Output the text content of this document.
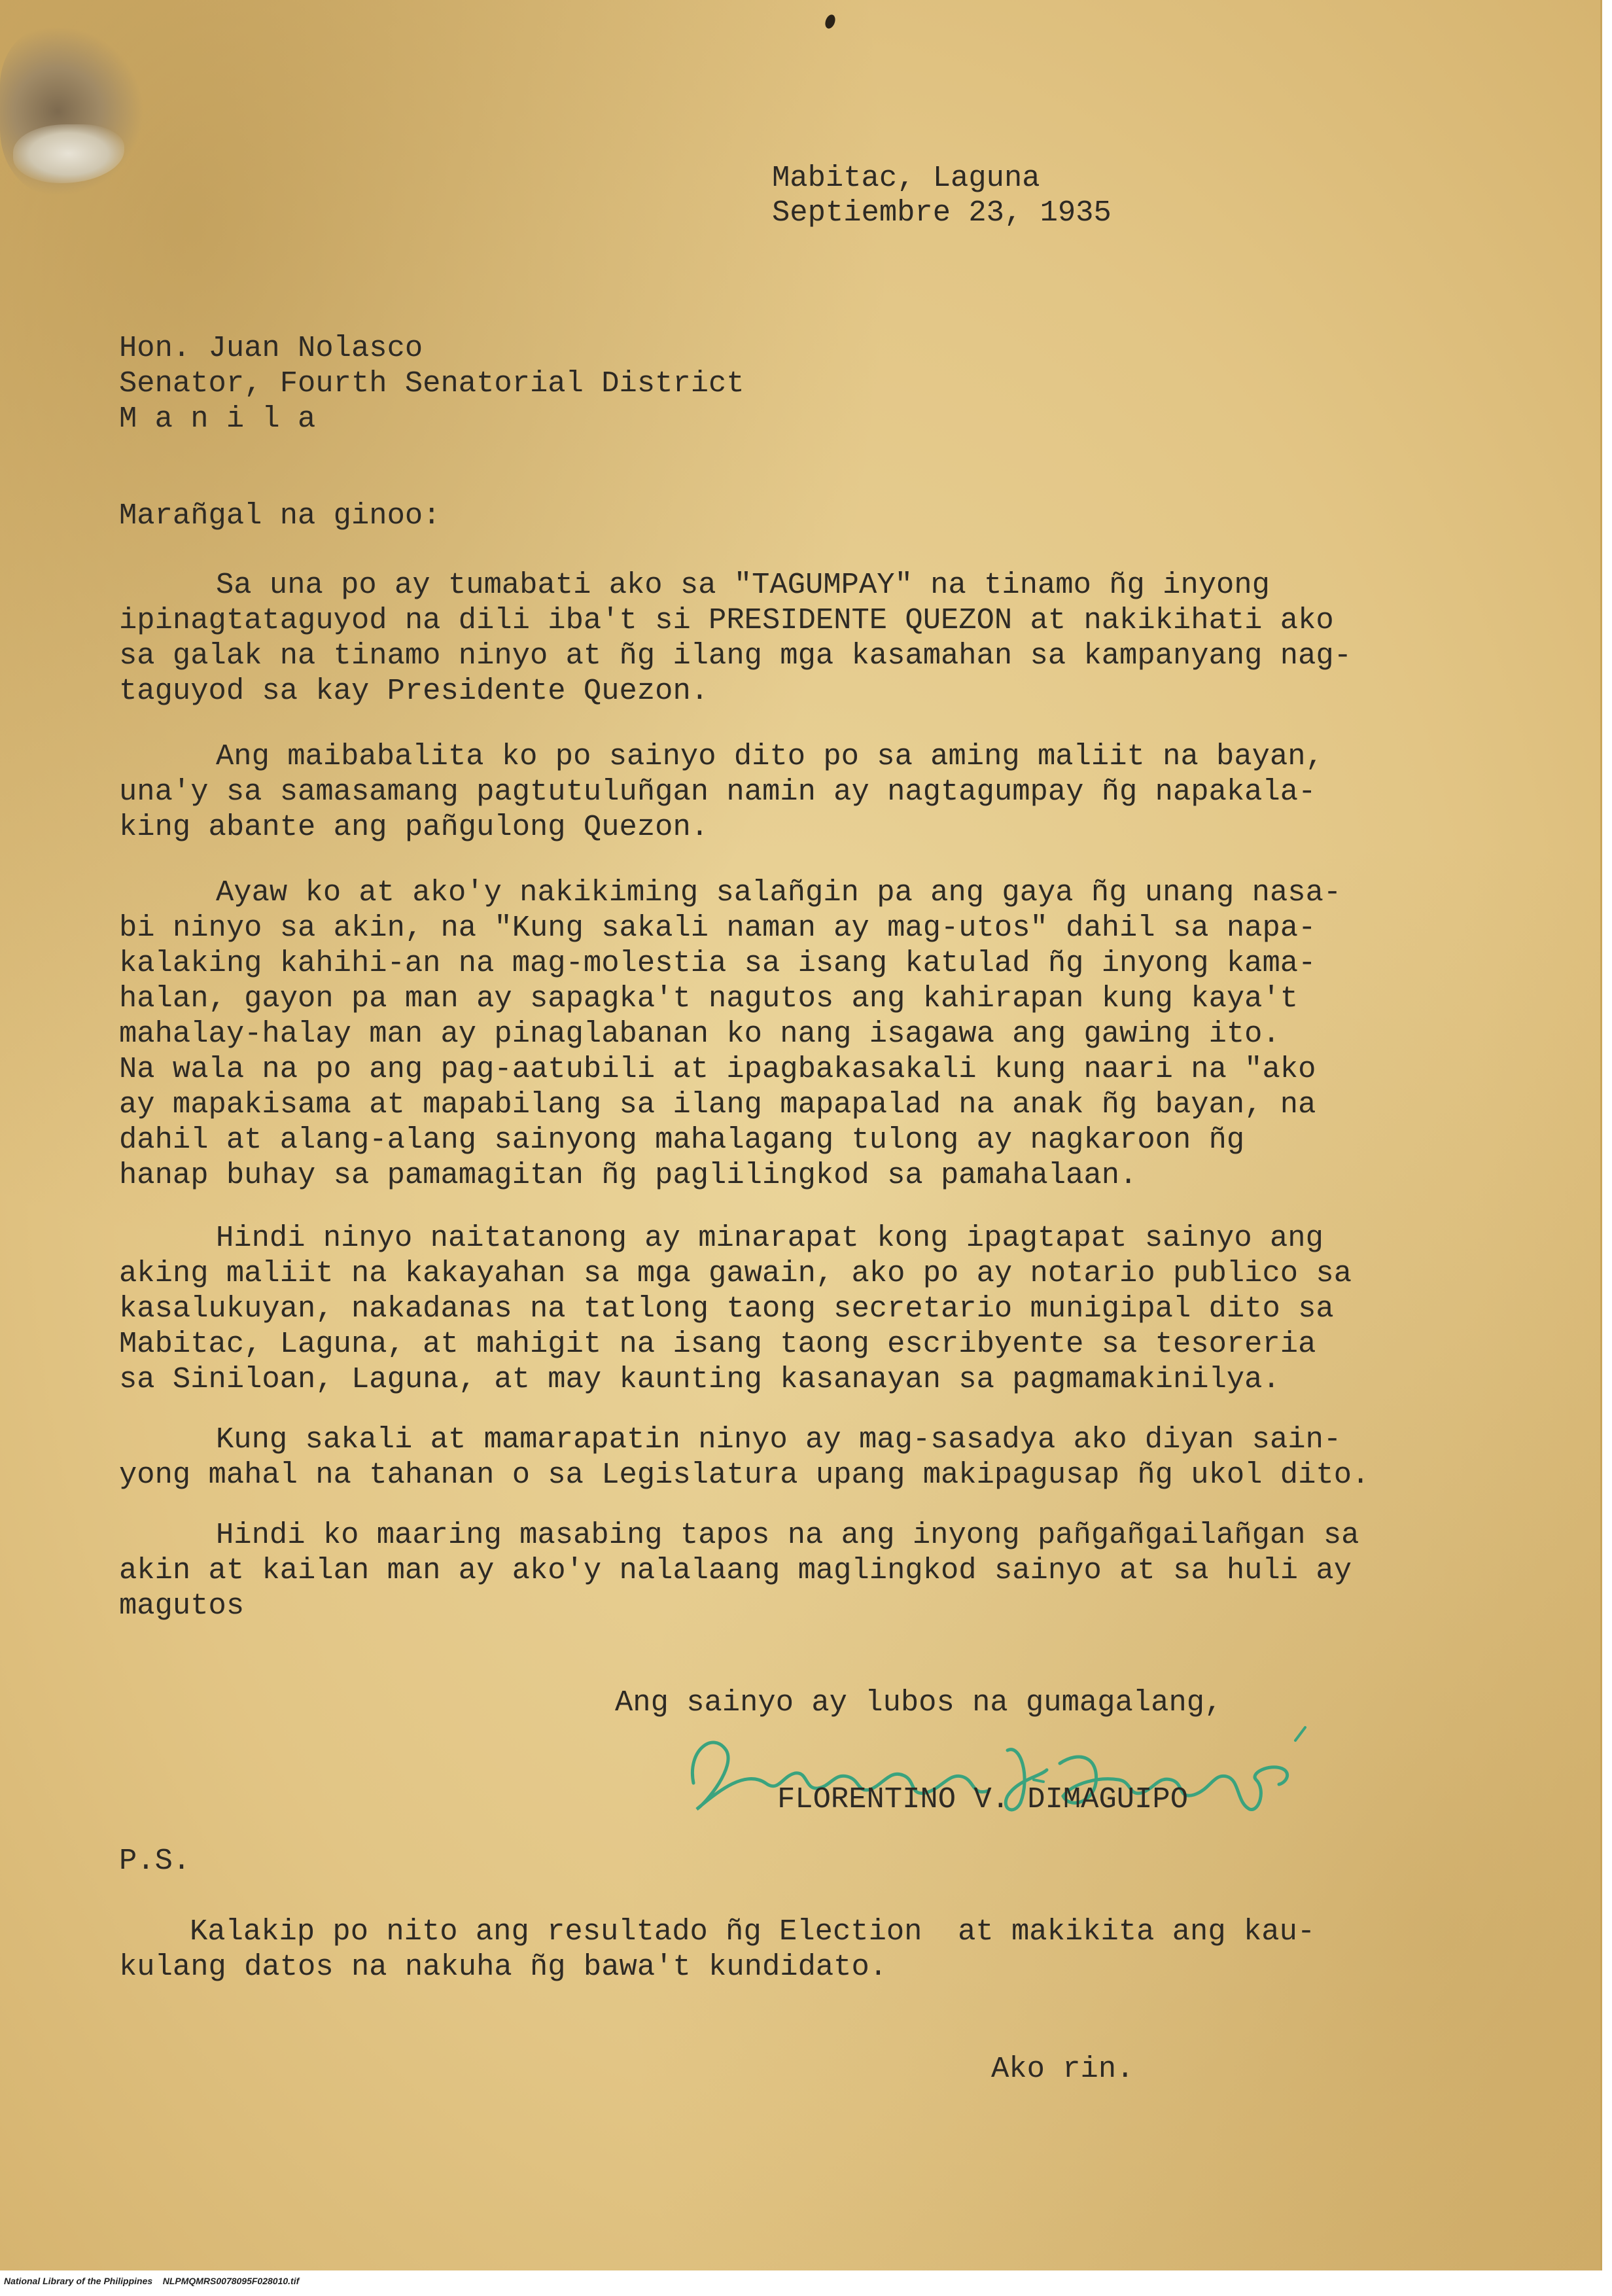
Mabitac, Laguna

Septiembre 23, 1935

Hon. Juan Nolasco

Senator, Fourth Senatorial District

M a n i l a

Marañgal na ginoo:

Sa una po ay tumabati ako sa "TAGUMPAY" na tinamo ñg inyong

ipinagtataguyod na dili iba't si PRESIDENTE QUEZON at nakikihati ako

sa galak na tinamo ninyo at ñg ilang mga kasamahan sa kampanyang nag-

taguyod sa kay Presidente Quezon.

Ang maibabalita ko po sainyo dito po sa aming maliit na bayan,

una'y sa samasamang pagtutuluñgan namin ay nagtagumpay ñg napakala-

king abante ang pañgulong Quezon.

Ayaw ko at ako'y nakikiming salañgin pa ang gaya ñg unang nasa-

bi ninyo sa akin, na "Kung sakali naman ay mag-utos" dahil sa napa-

kalaking kahihi-an na mag-molestia sa isang katulad ñg inyong kama-

halan, gayon pa man ay sapagka't nagutos ang kahirapan kung kaya't

mahalay-halay man ay pinaglabanan ko nang isagawa ang gawing ito.

Na wala na po ang pag-aatubili at ipagbakasakali kung naari na "ako

ay mapakisama at mapabilang sa ilang mapapalad na anak ñg bayan, na

dahil at alang-alang sainyong mahalagang tulong ay nagkaroon ñg

hanap buhay sa pamamagitan ñg paglilingkod sa pamahalaan.

Hindi ninyo naitatanong ay minarapat kong ipagtapat sainyo ang

aking maliit na kakayahan sa mga gawain, ako po ay notario publico sa

kasalukuyan, nakadanas na tatlong taong secretario munigipal dito sa

Mabitac, Laguna, at mahigit na isang taong escribyente sa tesoreria

sa Siniloan, Laguna, at may kaunting kasanayan sa pagmamakinilya.

Kung sakali at mamarapatin ninyo ay mag-sasadya ako diyan sain-

yong mahal na tahanan o sa Legislatura upang makipagusap ñg ukol dito.

Hindi ko maaring masabing tapos na ang inyong pañgañgailañgan sa

akin at kailan man ay ako'y nalalaang maglingkod sainyo at sa huli ay

magutos

Ang sainyo ay lubos na gumagalang,

FLORENTINO V. DIMAGUIPO

P.S.

Kalakip po nito ang resultado ñg Election  at makikita ang kau-

kulang datos na nakuha ñg bawa't kundidato.

Ako rin.

National Library of the Philippines NLPMQMRS0078095F028010.tif
